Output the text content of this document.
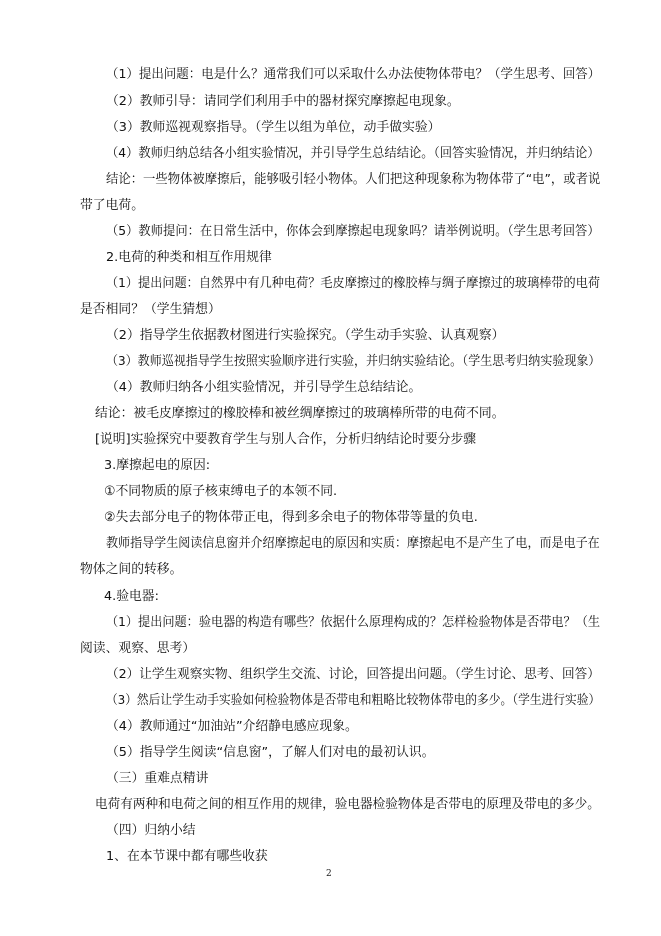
（1）提出问题：电是什么？通常我们可以采取什么办法使物体带电？（学生思考、回答）
（2）教师引导：请同学们利用手中的器材探究摩擦起电现象。
（3）教师巡视观察指导。（学生以组为单位，动手做实验）
（4）教师归纳总结各小组实验情况，并引导学生总结结论。（回答实验情况，并归纳结论）
结论：一些物体被摩擦后，能够吸引轻小物体。人们把这种现象称为物体带了“电”，或者说
带了电荷。
（5）教师提问：在日常生活中，你体会到摩擦起电现象吗？请举例说明。（学生思考回答）
2.电荷的种类和相互作用规律
（1）提出问题：自然界中有几种电荷？毛皮摩擦过的橡胶棒与绸子摩擦过的玻璃棒带的电荷
是否相同？（学生猜想）
（2）指导学生依据教材图进行实验探究。（学生动手实验、认真观察）
（3）教师巡视指导学生按照实验顺序进行实验，并归纳实验结论。（学生思考归纳实验现象）
（4）教师归纳各小组实验情况，并引导学生总结结论。
结论：被毛皮摩擦过的橡胶棒和被丝绸摩擦过的玻璃棒所带的电荷不同。
[说明]实验探究中要教育学生与别人合作，分析归纳结论时要分步骤
3.摩擦起电的原因:
①不同物质的原子核束缚电子的本领不同.
②失去部分电子的物体带正电，得到多余电子的物体带等量的负电.
教师指导学生阅读信息窗并介绍摩擦起电的原因和实质：摩擦起电不是产生了电，而是电子在
物体之间的转移。
4.验电器:
（1）提出问题：验电器的构造有哪些？依据什么原理构成的？怎样检验物体是否带电？（生
阅读、观察、思考）
（2）让学生观察实物、组织学生交流、讨论，回答提出问题。（学生讨论、思考、回答）
（3）然后让学生动手实验如何检验物体是否带电和粗略比较物体带电的多少。（学生进行实验）
（4）教师通过“加油站”介绍静电感应现象。
（5）指导学生阅读“信息窗”，了解人们对电的最初认识。
（三）重难点精讲
电荷有两种和电荷之间的相互作用的规律，验电器检验物体是否带电的原理及带电的多少。
（四）归纳小结
1、在本节课中都有哪些收获
2
